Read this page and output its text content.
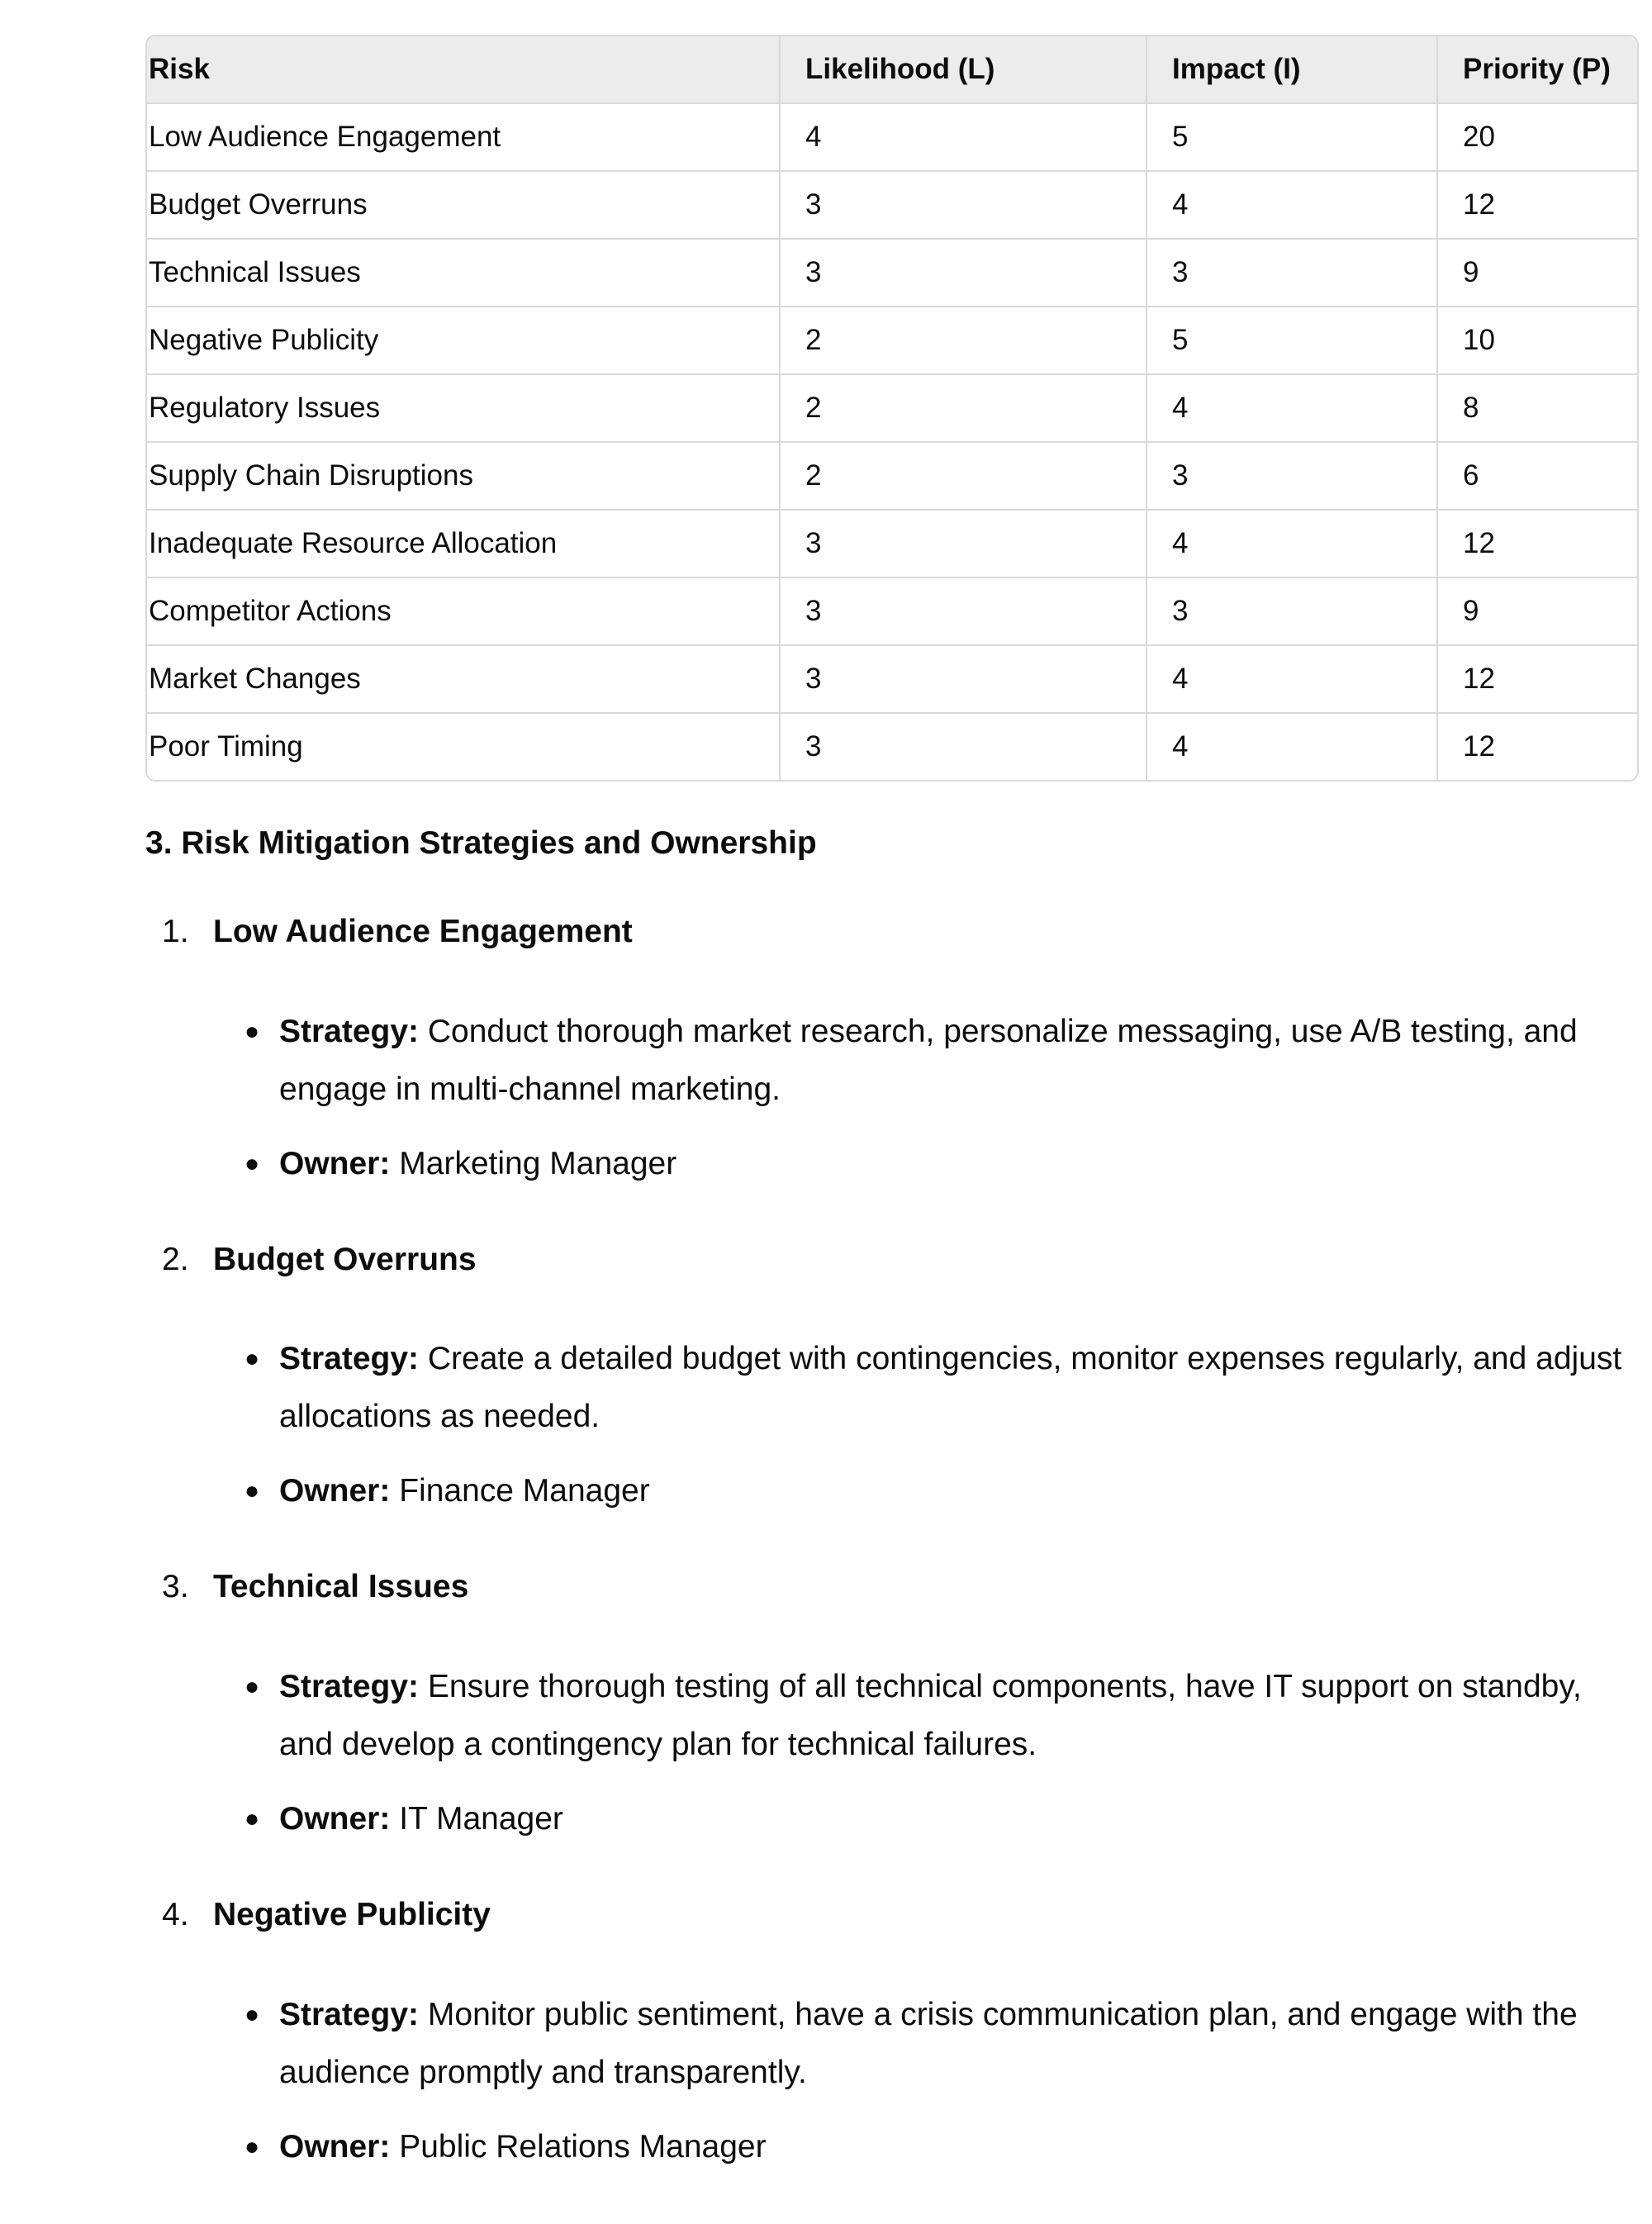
Risk	Likelihood (L)	Impact (I)	Priority (P)
Low Audience Engagement	4	5	20
Budget Overruns	3	4	12
Technical Issues	3	3	9
Negative Publicity	2	5	10
Regulatory Issues	2	4	8
Supply Chain Disruptions	2	3	6
Inadequate Resource Allocation	3	4	12
Competitor Actions	3	3	9
Market Changes	3	4	12
Poor Timing	3	4	12
3. Risk Mitigation Strategies and Ownership
1. Low Audience Engagement
● Strategy: Conduct thorough market research, personalize messaging, use A/B testing, and engage in multi-channel marketing.
● Owner: Marketing Manager
2. Budget Overruns
● Strategy: Create a detailed budget with contingencies, monitor expenses regularly, and adjust allocations as needed.
● Owner: Finance Manager
3. Technical Issues
● Strategy: Ensure thorough testing of all technical components, have IT support on standby, and develop a contingency plan for technical failures.
● Owner: IT Manager
4. Negative Publicity
● Strategy: Monitor public sentiment, have a crisis communication plan, and engage with the audience promptly and transparently.
● Owner: Public Relations Manager
